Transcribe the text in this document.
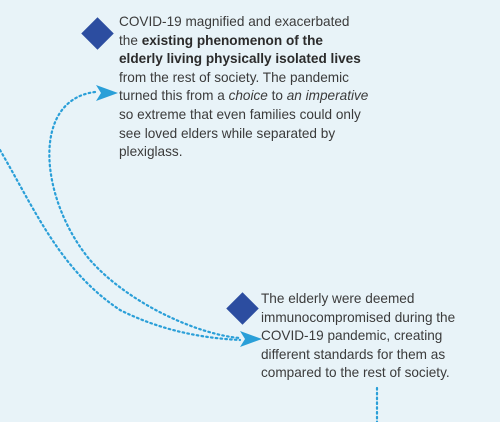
COVID-19 magnified and exacerbated the existing phenomenon of the elderly living physically isolated lives from the rest of society. The pandemic turned this from a choice to an imperative so extreme that even families could only see loved elders while separated by plexiglass.

The elderly were deemed immunocompromised during the COVID-19 pandemic, creating different standards for them as compared to the rest of society.
